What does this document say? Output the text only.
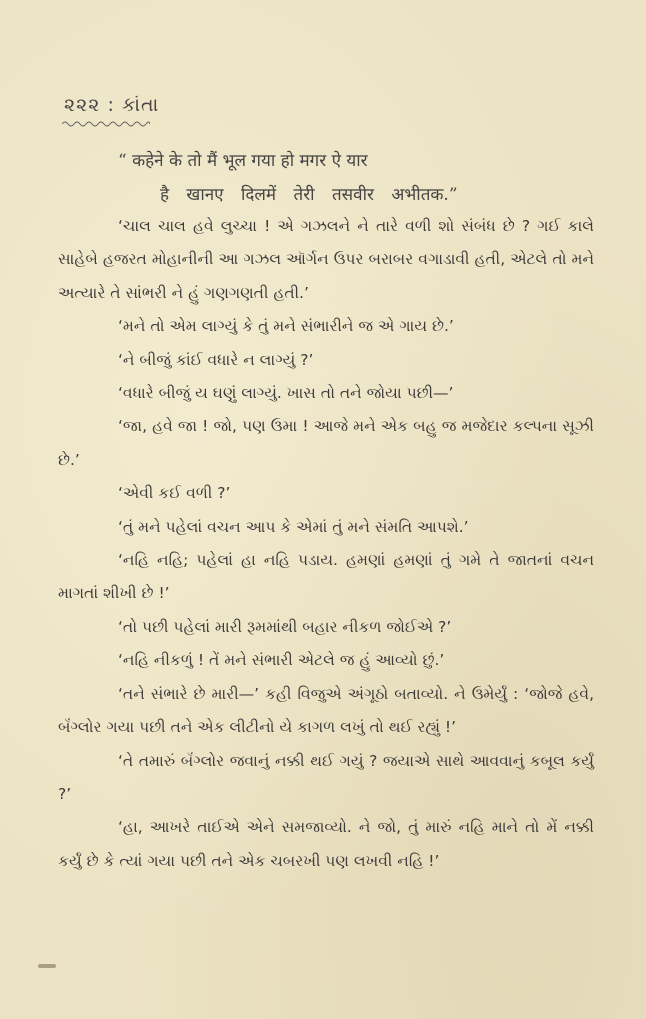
૨૨૨ : કાંતા
“ कहेने के तो मैं भूल गया हो मगर ऐ यार
है खानए दिलमें तेरी तसवीर अभीतक.”

‘ચાલ ચાલ હવે લુચ્ચા ! એ ગઝલને ને તારે વળી શો સંબંધ છે ? ગઈ કાલે સાહેબે હજરત મોહાનીની આ ગઝલ ઑર્ગન ઉપર બરાબર વગાડાવી હતી, એટલે તો મને અત્યારે તે સાંભરી ને હું ગણગણતી હતી.’

‘મને તો એમ લાગ્યું કે તું મને સંભારીને જ એ ગાય છે.’

‘ને બીજું કાંઈ વધારે ન લાગ્યું ?’

‘વધારે બીજું ય ઘણું લાગ્યું. ખાસ તો તને જોયા પછી—’

‘જા, હવે જા ! જો, પણ ઉમા ! આજે મને એક બહુ જ મજેદાર કલ્પના સૂઝી છે.’

‘એવી કઈ વળી ?’

‘તું મને પહેલાં વચન આપ કે એમાં તું મને સંમતિ આપશે.’

‘નહિ નહિ; પહેલાં હા નહિ પડાય. હમણાં હમણાં તું ગમે તે જાતનાં વચન માગતાં શીખી છે !’

‘તો પછી પહેલાં મારી રૂમમાંથી બહાર નીકળ જોઈએ ?’

‘નહિ નીકળું ! તેં મને સંભારી એટલે જ હું આવ્યો છું.’

‘તને સંભારે છે મારી—’ કહી વિજુએ અંગૂઠો બતાવ્યો. ને ઉમેર્યું : ‘જોજે હવે, બૅંગ્લોર ગયા પછી તને એક લીટીનો યે કાગળ લખું તો થઈ રહ્યું !’

‘તે તમારું બૅંગ્લોર જવાનું નક્કી થઈ ગયું ? જયાએ સાથે આવવાનું કબૂલ કર્યું ?’

‘હા, આખરે તાઈએ એને સમજાવ્યો. ને જો, તું મારું નહિ માને તો મેં નક્કી કર્યું છે કે ત્યાં ગયા પછી તને એક ચબરખી પણ લખવી નહિ !’
